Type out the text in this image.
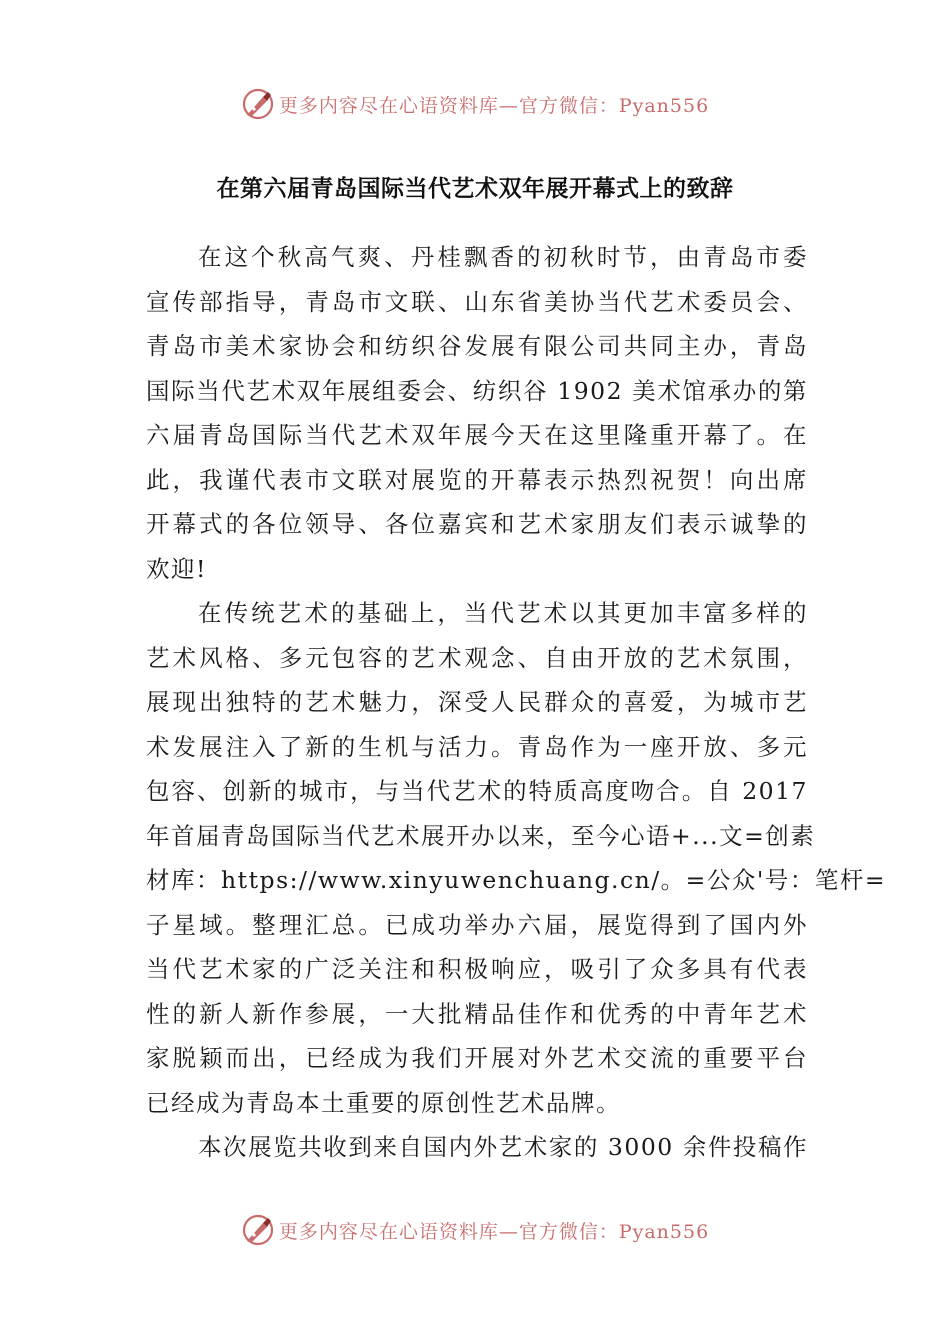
更多内容尽在心语资料库—官方微信：Pyan556
在第六届青岛国际当代艺术双年展开幕式上的致辞
在这个秋高气爽、丹桂飘香的初秋时节，由青岛市委
宣传部指导，青岛市文联、山东省美协当代艺术委员会、
青岛市美术家协会和纺织谷发展有限公司共同主办，青岛
国际当代艺术双年展组委会、纺织谷 1902 美术馆承办的第
六届青岛国际当代艺术双年展今天在这里隆重开幕了。在
此，我谨代表市文联对展览的开幕表示热烈祝贺！向出席
开幕式的各位领导、各位嘉宾和艺术家朋友们表示诚挚的
欢迎!
在传统艺术的基础上，当代艺术以其更加丰富多样的
艺术风格、多元包容的艺术观念、自由开放的艺术氛围，
展现出独特的艺术魅力，深受人民群众的喜爱，为城市艺
术发展注入了新的生机与活力。青岛作为一座开放、多元
包容、创新的城市，与当代艺术的特质高度吻合。自 2017
年首届青岛国际当代艺术展开办以来，至今心语+...文=创素
材库：https://www.xinyuwenchuang.cn/。=公众'号：笔杆=
子星域。整理汇总。已成功举办六届，展览得到了国内外
当代艺术家的广泛关注和积极响应，吸引了众多具有代表
性的新人新作参展，一大批精品佳作和优秀的中青年艺术
家脱颖而出，已经成为我们开展对外艺术交流的重要平台
已经成为青岛本土重要的原创性艺术品牌。
本次展览共收到来自国内外艺术家的 3000 余件投稿作
更多内容尽在心语资料库—官方微信：Pyan556
